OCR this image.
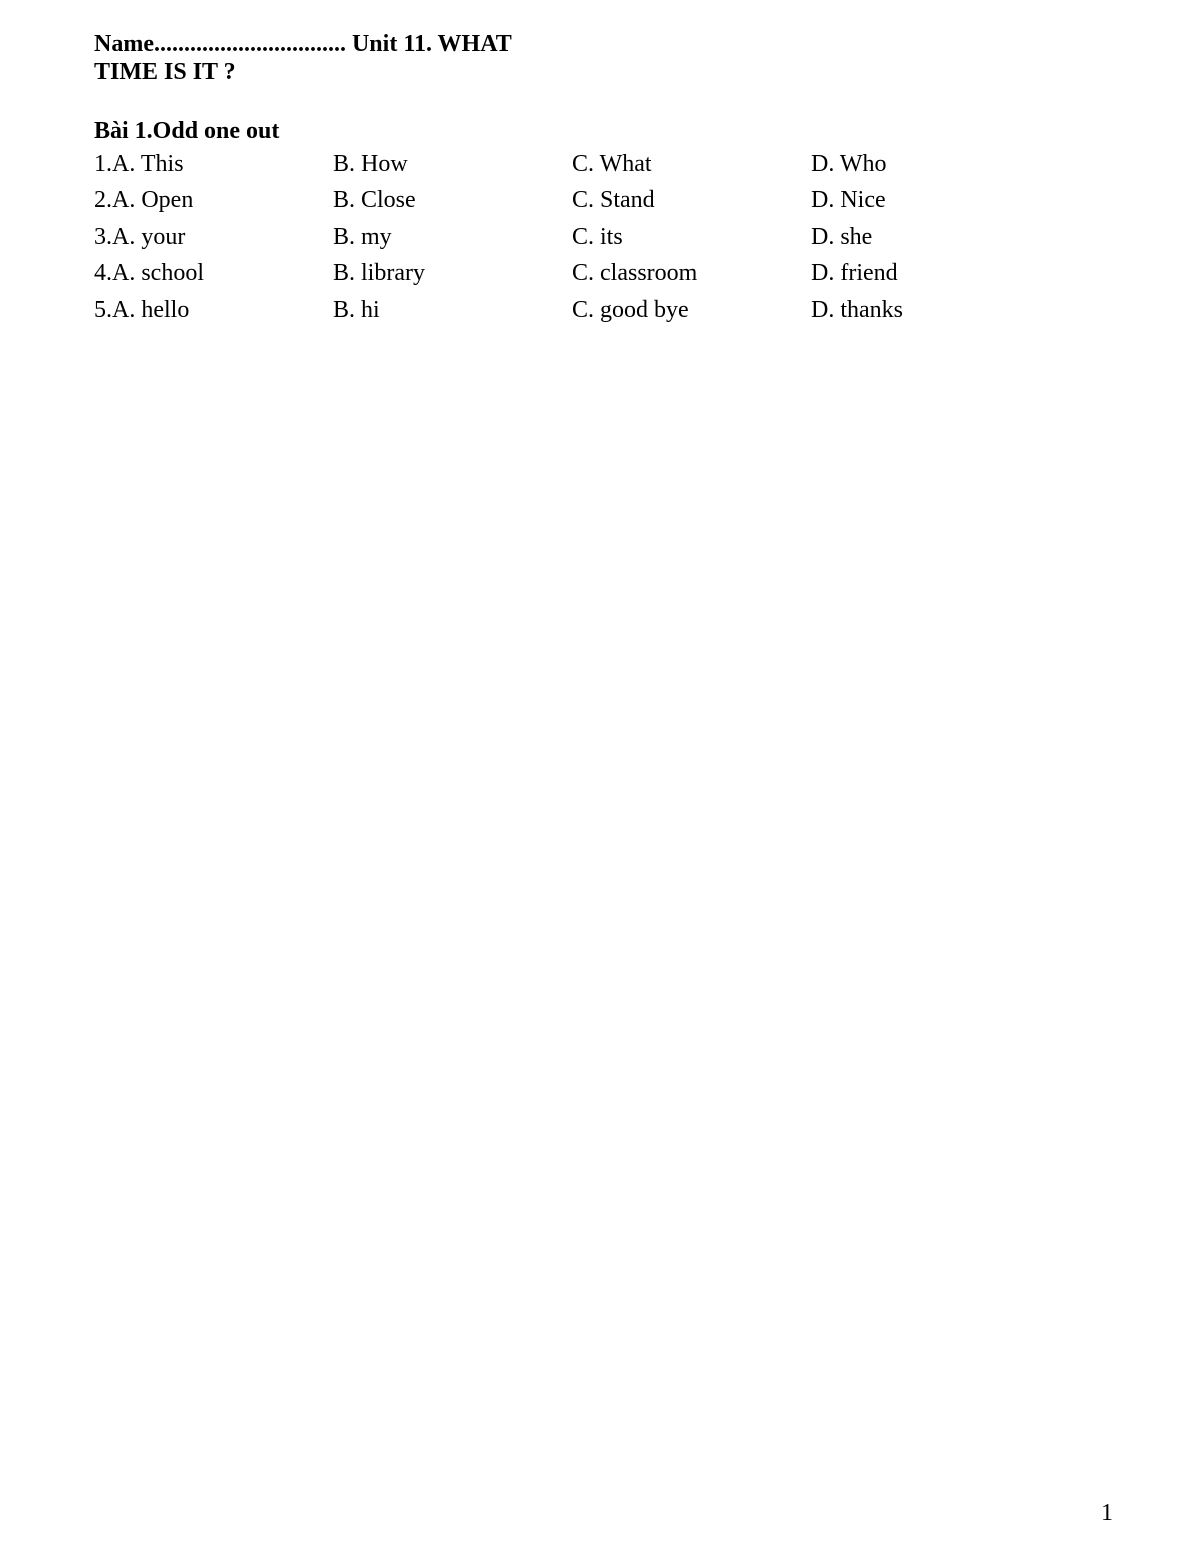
Name................................ Unit 11. WHAT
TIME IS IT ?
Bài 1.Odd one out
1.A. This	B. How	C. What	D. Who
2.A. Open	B. Close	C. Stand	D. Nice
3.A. your	B. my	C. its	D. she
4.A. school	B. library	C. classroom	D. friend
5.A. hello	B. hi	C. good bye	D. thanks
1
